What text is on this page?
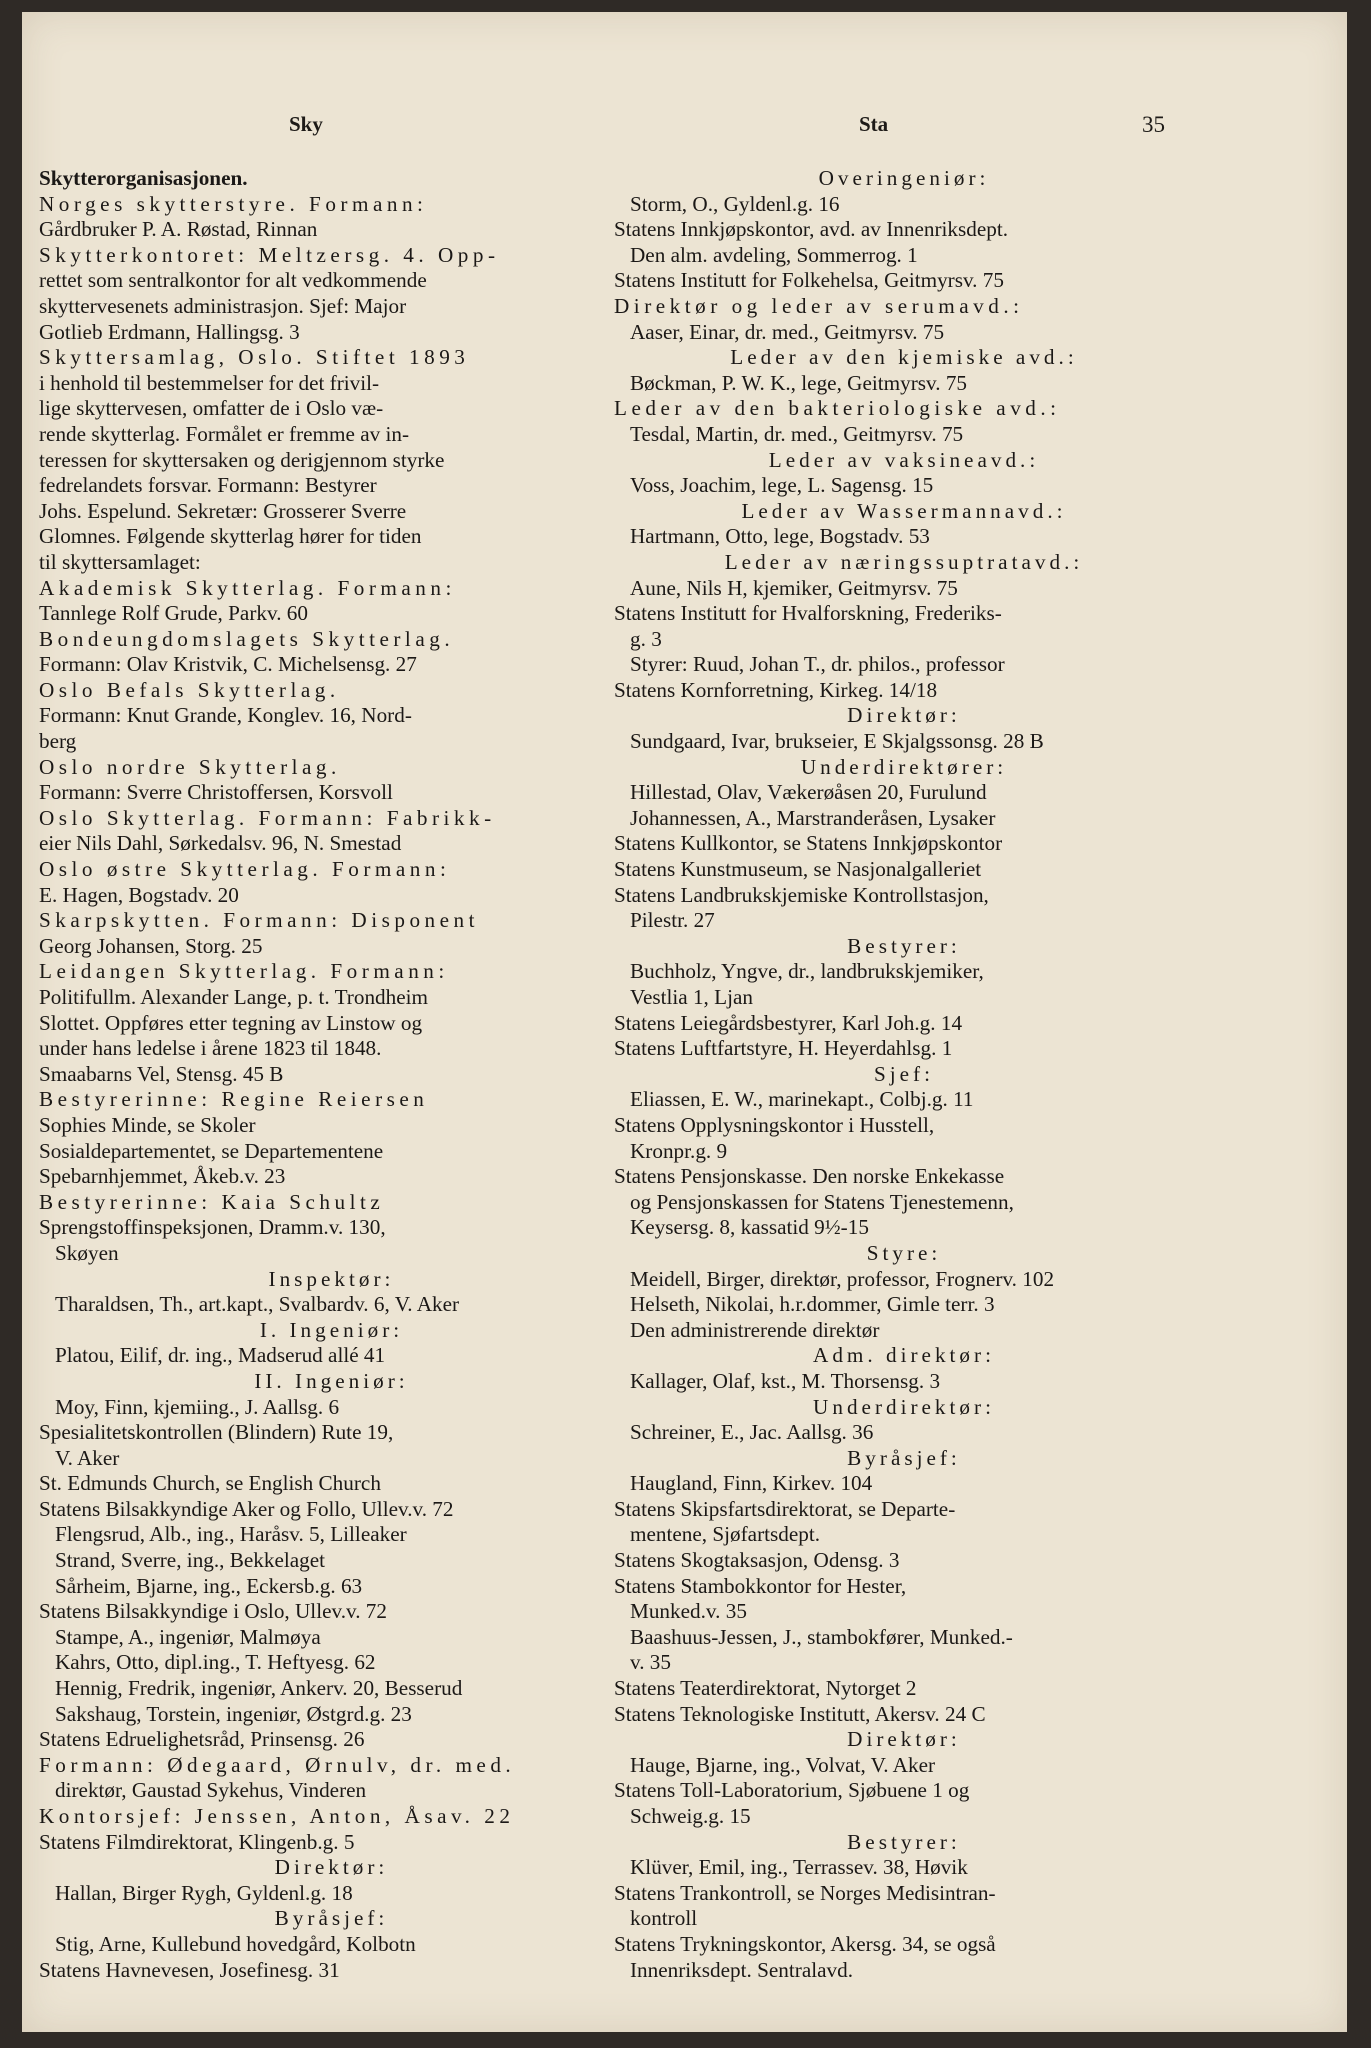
Sky	Sta	35
Skytterorganisasjonen.
Norges skytterstyre. Formann:
Gårdbruker P. A. Røstad, Rinnan
Skytterkontoret: Meltzersg. 4. Opp-
rettet som sentralkontor for alt vedkommende
skyttervesenets administrasjon. Sjef: Major
Gotlieb Erdmann, Hallingsg. 3
Skyttersamlag, Oslo. Stiftet 1893
i henhold til bestemmelser for det frivil-
lige skyttervesen, omfatter de i Oslo væ-
rende skytterlag. Formålet er fremme av in-
teressen for skyttersaken og derigjennom styrke
fedrelandets forsvar. Formann: Bestyrer
Johs. Espelund. Sekretær: Grosserer Sverre
Glomnes. Følgende skytterlag hører for tiden
til skyttersamlaget:
Akademisk Skytterlag. Formann:
Tannlege Rolf Grude, Parkv. 60
Bondeungdomslagets Skytterlag.
Formann: Olav Kristvik, C. Michelsensg. 27
Oslo Befals Skytterlag.
Formann: Knut Grande, Konglev. 16, Nord-
berg
Oslo nordre Skytterlag.
Formann: Sverre Christoffersen, Korsvoll
Oslo Skytterlag. Formann: Fabrikk-
eier Nils Dahl, Sørkedalsv. 96, N. Smestad
Oslo østre Skytterlag. Formann:
E. Hagen, Bogstadv. 20
Skarpskytten. Formann: Disponent
Georg Johansen, Storg. 25
Leidangen Skytterlag. Formann:
Politifullm. Alexander Lange, p. t. Trondheim
Slottet. Oppføres etter tegning av Linstow og
under hans ledelse i årene 1823 til 1848.
Smaabarns Vel, Stensg. 45 B
Bestyrerinne: Regine Reiersen
Sophies Minde, se Skoler
Sosialdepartementet, se Departementene
Spebarnhjemmet, Åkeb.v. 23
Bestyrerinne: Kaia Schultz
Sprengstoffinspeksjonen, Dramm.v. 130,
Skøyen
Inspektør:
Tharaldsen, Th., art.kapt., Svalbardv. 6, V. Aker
I. Ingeniør:
Platou, Eilif, dr. ing., Madserud allé 41
II. Ingeniør:
Moy, Finn, kjemiing., J. Aallsg. 6
Spesialitetskontrollen (Blindern) Rute 19,
V. Aker
St. Edmunds Church, se English Church
Statens Bilsakkyndige Aker og Follo, Ullev.v. 72
Flengsrud, Alb., ing., Haråsv. 5, Lilleaker
Strand, Sverre, ing., Bekkelaget
Sårheim, Bjarne, ing., Eckersb.g. 63
Statens Bilsakkyndige i Oslo, Ullev.v. 72
Stampe, A., ingeniør, Malmøya
Kahrs, Otto, dipl.ing., T. Heftyesg. 62
Hennig, Fredrik, ingeniør, Ankerv. 20, Besserud
Sakshaug, Torstein, ingeniør, Østgrd.g. 23
Statens Edruelighetsråd, Prinsensg. 26
Formann: Ødegaard, Ørnulv, dr. med.
direktør, Gaustad Sykehus, Vinderen
Kontorsjef: Jenssen, Anton, Åsav. 22
Statens Filmdirektorat, Klingenb.g. 5
Direktør:
Hallan, Birger Rygh, Gyldenl.g. 18
Byråsjef:
Stig, Arne, Kullebund hovedgård, Kolbotn
Statens Havnevesen, Josefinesg. 31
Overingeniør:
Storm, O., Gyldenl.g. 16
Statens Innkjøpskontor, avd. av Innenriksdept.
Den alm. avdeling, Sommerrog. 1
Statens Institutt for Folkehelsa, Geitmyrsv. 75
Direktør og leder av serumavd.:
Aaser, Einar, dr. med., Geitmyrsv. 75
Leder av den kjemiske avd.:
Bøckman, P. W. K., lege, Geitmyrsv. 75
Leder av den bakteriologiske avd.:
Tesdal, Martin, dr. med., Geitmyrsv. 75
Leder av vaksineavd.:
Voss, Joachim, lege, L. Sagensg. 15
Leder av Wassermannavd.:
Hartmann, Otto, lege, Bogstadv. 53
Leder av næringssuptratavd.:
Aune, Nils H, kjemiker, Geitmyrsv. 75
Statens Institutt for Hvalforskning, Frederiks-
g. 3
Styrer: Ruud, Johan T., dr. philos., professor
Statens Kornforretning, Kirkeg. 14/18
Direktør:
Sundgaard, Ivar, brukseier, E Skjalgssonsg. 28 B
Underdirektører:
Hillestad, Olav, Vækerøåsen 20, Furulund
Johannessen, A., Marstranderåsen, Lysaker
Statens Kullkontor, se Statens Innkjøpskontor
Statens Kunstmuseum, se Nasjonalgalleriet
Statens Landbrukskjemiske Kontrollstasjon,
Pilestr. 27
Bestyrer:
Buchholz, Yngve, dr., landbrukskjemiker,
Vestlia 1, Ljan
Statens Leiegårdsbestyrer, Karl Joh.g. 14
Statens Luftfartstyre, H. Heyerdahlsg. 1
Sjef:
Eliassen, E. W., marinekapt., Colbj.g. 11
Statens Opplysningskontor i Husstell,
Kronpr.g. 9
Statens Pensjonskasse. Den norske Enkekasse
og Pensjonskassen for Statens Tjenestemenn,
Keysersg. 8, kassatid 9½-15
Styre:
Meidell, Birger, direktør, professor, Frognerv. 102
Helseth, Nikolai, h.r.dommer, Gimle terr. 3
Den administrerende direktør
Adm. direktør:
Kallager, Olaf, kst., M. Thorsensg. 3
Underdirektør:
Schreiner, E., Jac. Aallsg. 36
Byråsjef:
Haugland, Finn, Kirkev. 104
Statens Skipsfartsdirektorat, se Departe-
mentene, Sjøfartsdept.
Statens Skogtaksasjon, Odensg. 3
Statens Stambokkontor for Hester,
Munked.v. 35
Baashuus-Jessen, J., stambokfører, Munked.-
v. 35
Statens Teaterdirektorat, Nytorget 2
Statens Teknologiske Institutt, Akersv. 24 C
Direktør:
Hauge, Bjarne, ing., Volvat, V. Aker
Statens Toll-Laboratorium, Sjøbuene 1 og
Schweig.g. 15
Bestyrer:
Klüver, Emil, ing., Terrassev. 38, Høvik
Statens Trankontroll, se Norges Medisintran-
kontroll
Statens Trykningskontor, Akersg. 34, se også
Innenriksdept. Sentralavd.
